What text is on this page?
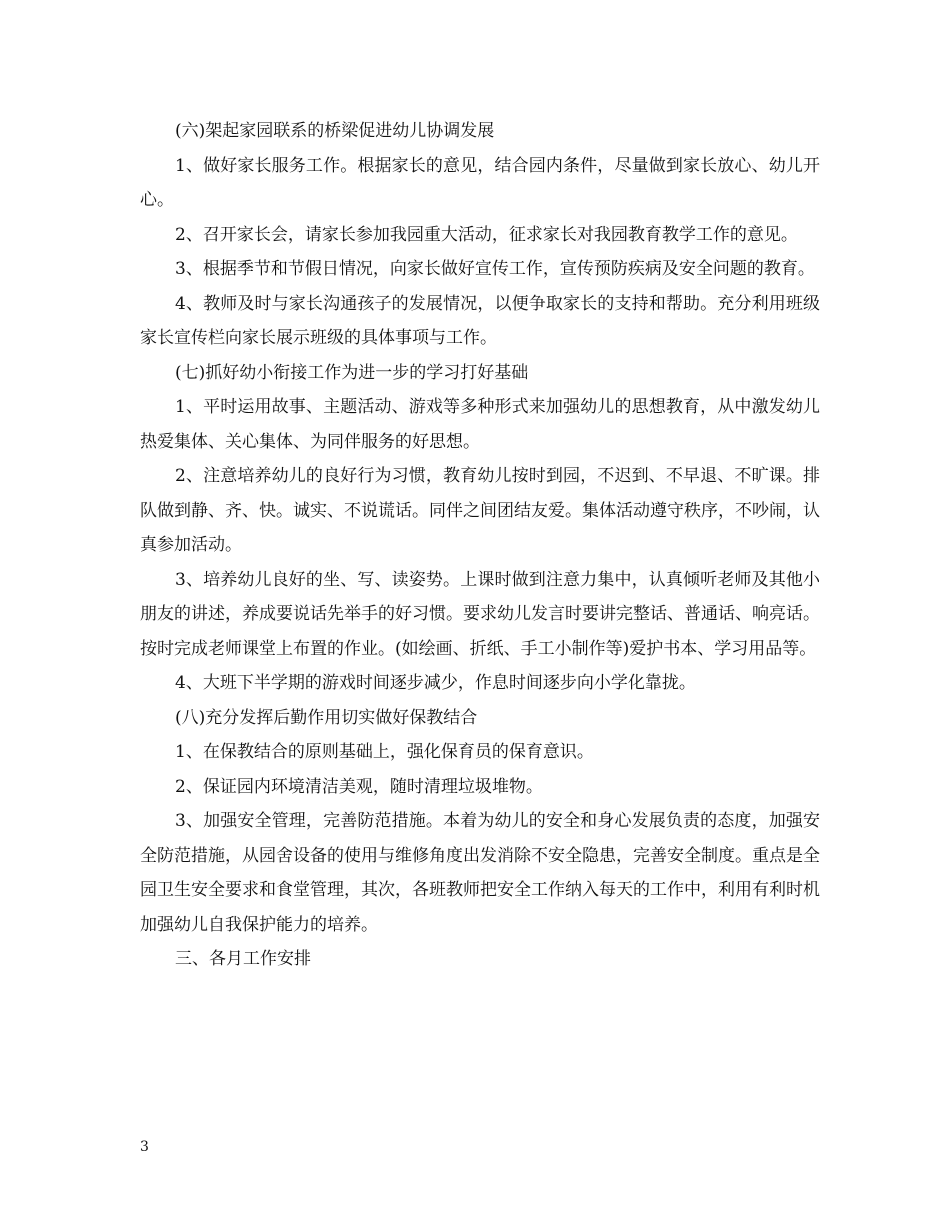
(六)架起家园联系的桥梁促进幼儿协调发展

1、做好家长服务工作。根据家长的意见，结合园内条件，尽量做到家长放心、幼儿开心。

2、召开家长会，请家长参加我园重大活动，征求家长对我园教育教学工作的意见。

3、根据季节和节假日情况，向家长做好宣传工作，宣传预防疾病及安全问题的教育。

4、教师及时与家长沟通孩子的发展情况，以便争取家长的支持和帮助。充分利用班级家长宣传栏向家长展示班级的具体事项与工作。

(七)抓好幼小衔接工作为进一步的学习打好基础

1、平时运用故事、主题活动、游戏等多种形式来加强幼儿的思想教育，从中激发幼儿热爱集体、关心集体、为同伴服务的好思想。

2、注意培养幼儿的良好行为习惯，教育幼儿按时到园，不迟到、不早退、不旷课。排队做到静、齐、快。诚实、不说谎话。同伴之间团结友爱。集体活动遵守秩序，不吵闹，认真参加活动。

3、培养幼儿良好的坐、写、读姿势。上课时做到注意力集中，认真倾听老师及其他小朋友的讲述，养成要说话先举手的好习惯。要求幼儿发言时要讲完整话、普通话、响亮话。按时完成老师课堂上布置的作业。(如绘画、折纸、手工小制作等)爱护书本、学习用品等。

4、大班下半学期的游戏时间逐步减少，作息时间逐步向小学化靠拢。

(八)充分发挥后勤作用切实做好保教结合

1、在保教结合的原则基础上，强化保育员的保育意识。

2、保证园内环境清洁美观，随时清理垃圾堆物。

3、加强安全管理，完善防范措施。本着为幼儿的安全和身心发展负责的态度，加强安全防范措施，从园舍设备的使用与维修角度出发消除不安全隐患，完善安全制度。重点是全园卫生安全要求和食堂管理，其次，各班教师把安全工作纳入每天的工作中，利用有利时机加强幼儿自我保护能力的培养。

三、各月工作安排

3
